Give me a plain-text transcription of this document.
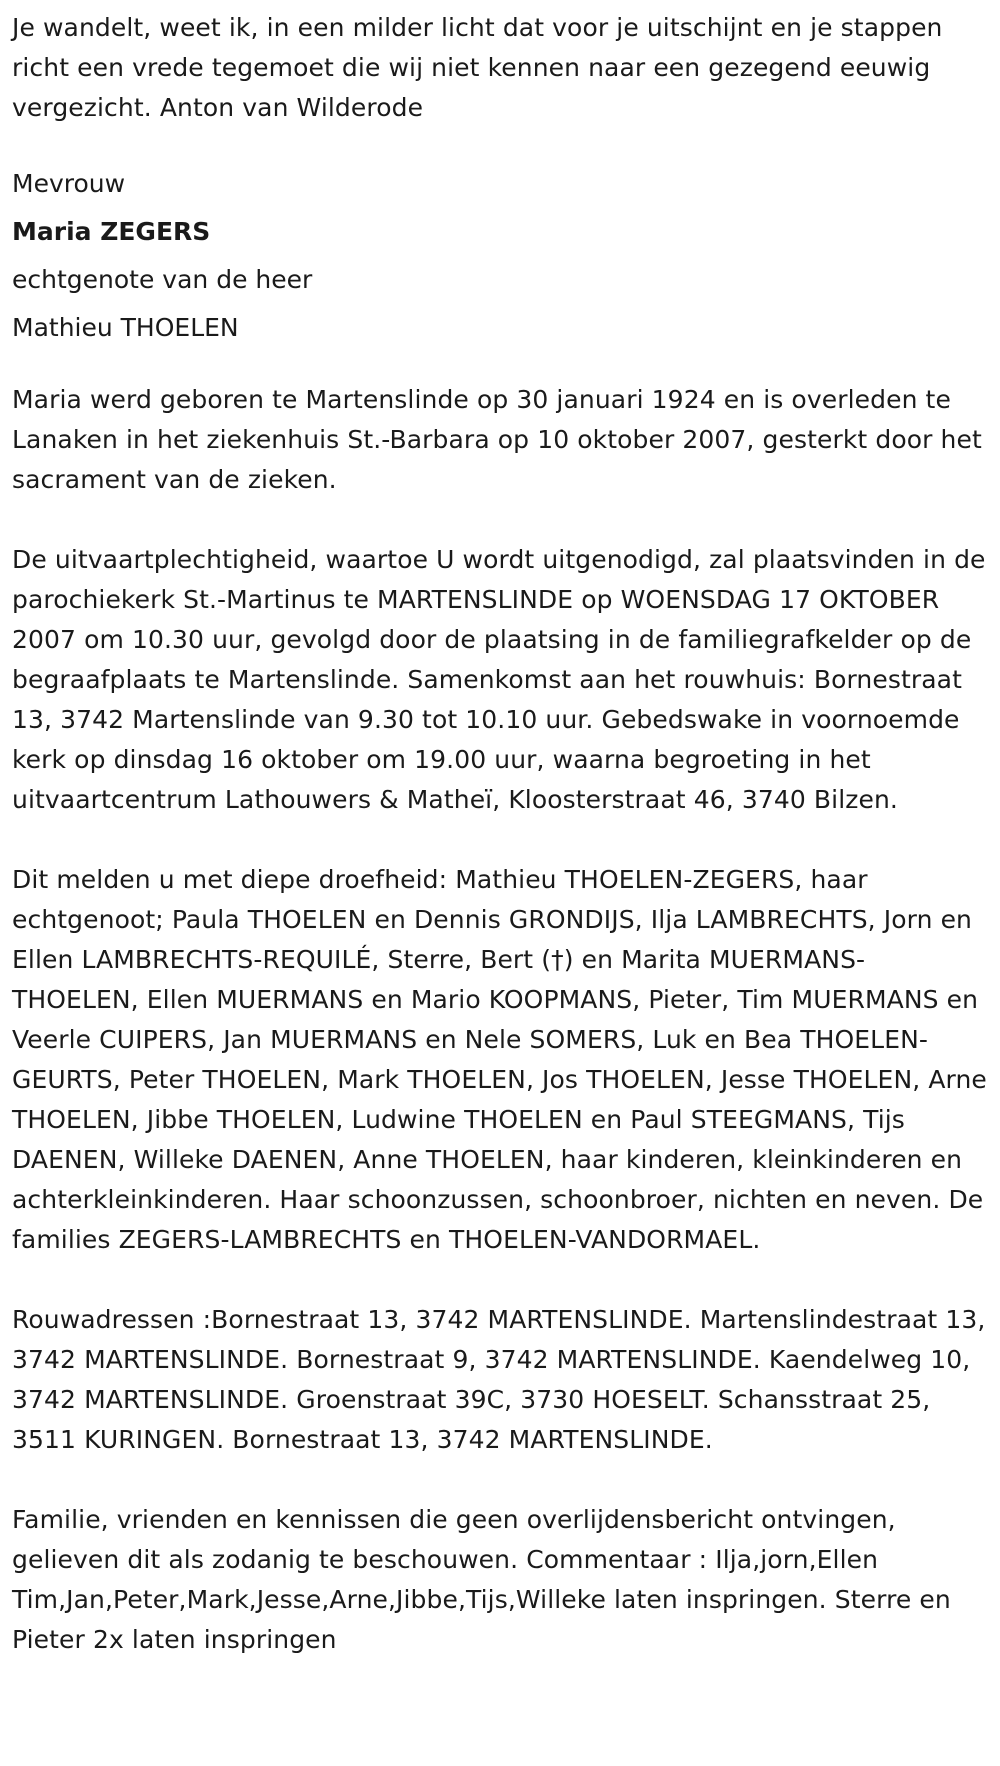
Je wandelt, weet ik, in een milder licht dat voor je uitschijnt en je stappen richt een vrede tegemoet die wij niet kennen naar een gezegend eeuwig vergezicht. Anton van Wilderode

Mevrouw

Maria ZEGERS

echtgenote van de heer

Mathieu THOELEN

Maria werd geboren te Martenslinde op 30 januari 1924 en is overleden te Lanaken in het ziekenhuis St.-Barbara op 10 oktober 2007, gesterkt door het sacrament van de zieken.

De uitvaartplechtigheid, waartoe U wordt uitgenodigd, zal plaatsvinden in de parochiekerk St.-Martinus te MARTENSLINDE op WOENSDAG 17 OKTOBER 2007 om 10.30 uur, gevolgd door de plaatsing in de familiegrafkelder op de begraafplaats te Martenslinde. Samenkomst aan het rouwhuis: Bornestraat 13, 3742 Martenslinde van 9.30 tot 10.10 uur. Gebedswake in voornoemde kerk op dinsdag 16 oktober om 19.00 uur, waarna begroeting in het uitvaartcentrum Lathouwers & Matheï, Kloosterstraat 46, 3740 Bilzen.

Dit melden u met diepe droefheid: Mathieu THOELEN-ZEGERS, haar echtgenoot; Paula THOELEN en Dennis GRONDIJS, Ilja LAMBRECHTS, Jorn en Ellen LAMBRECHTS-REQUILÉ, Sterre, Bert (†) en Marita MUERMANS-THOELEN, Ellen MUERMANS en Mario KOOPMANS, Pieter, Tim MUERMANS en Veerle CUIPERS, Jan MUERMANS en Nele SOMERS, Luk en Bea THOELEN-GEURTS, Peter THOELEN, Mark THOELEN, Jos THOELEN, Jesse THOELEN, Arne THOELEN, Jibbe THOELEN, Ludwine THOELEN en Paul STEEGMANS, Tijs DAENEN, Willeke DAENEN, Anne THOELEN, haar kinderen, kleinkinderen en achterkleinkinderen. Haar schoonzussen, schoonbroer, nichten en neven. De families ZEGERS-LAMBRECHTS en THOELEN-VANDORMAEL.

Rouwadressen :Bornestraat 13, 3742 MARTENSLINDE. Martenslindestraat 13, 3742 MARTENSLINDE. Bornestraat 9, 3742 MARTENSLINDE. Kaendelweg 10, 3742 MARTENSLINDE. Groenstraat 39C, 3730 HOESELT. Schansstraat 25, 3511 KURINGEN. Bornestraat 13, 3742 MARTENSLINDE.

Familie, vrienden en kennissen die geen overlijdensbericht ontvingen, gelieven dit als zodanig te beschouwen. Commentaar : Ilja,jorn,Ellen Tim,Jan,Peter,Mark,Jesse,Arne,Jibbe,Tijs,Willeke laten inspringen. Sterre en Pieter 2x laten inspringen
